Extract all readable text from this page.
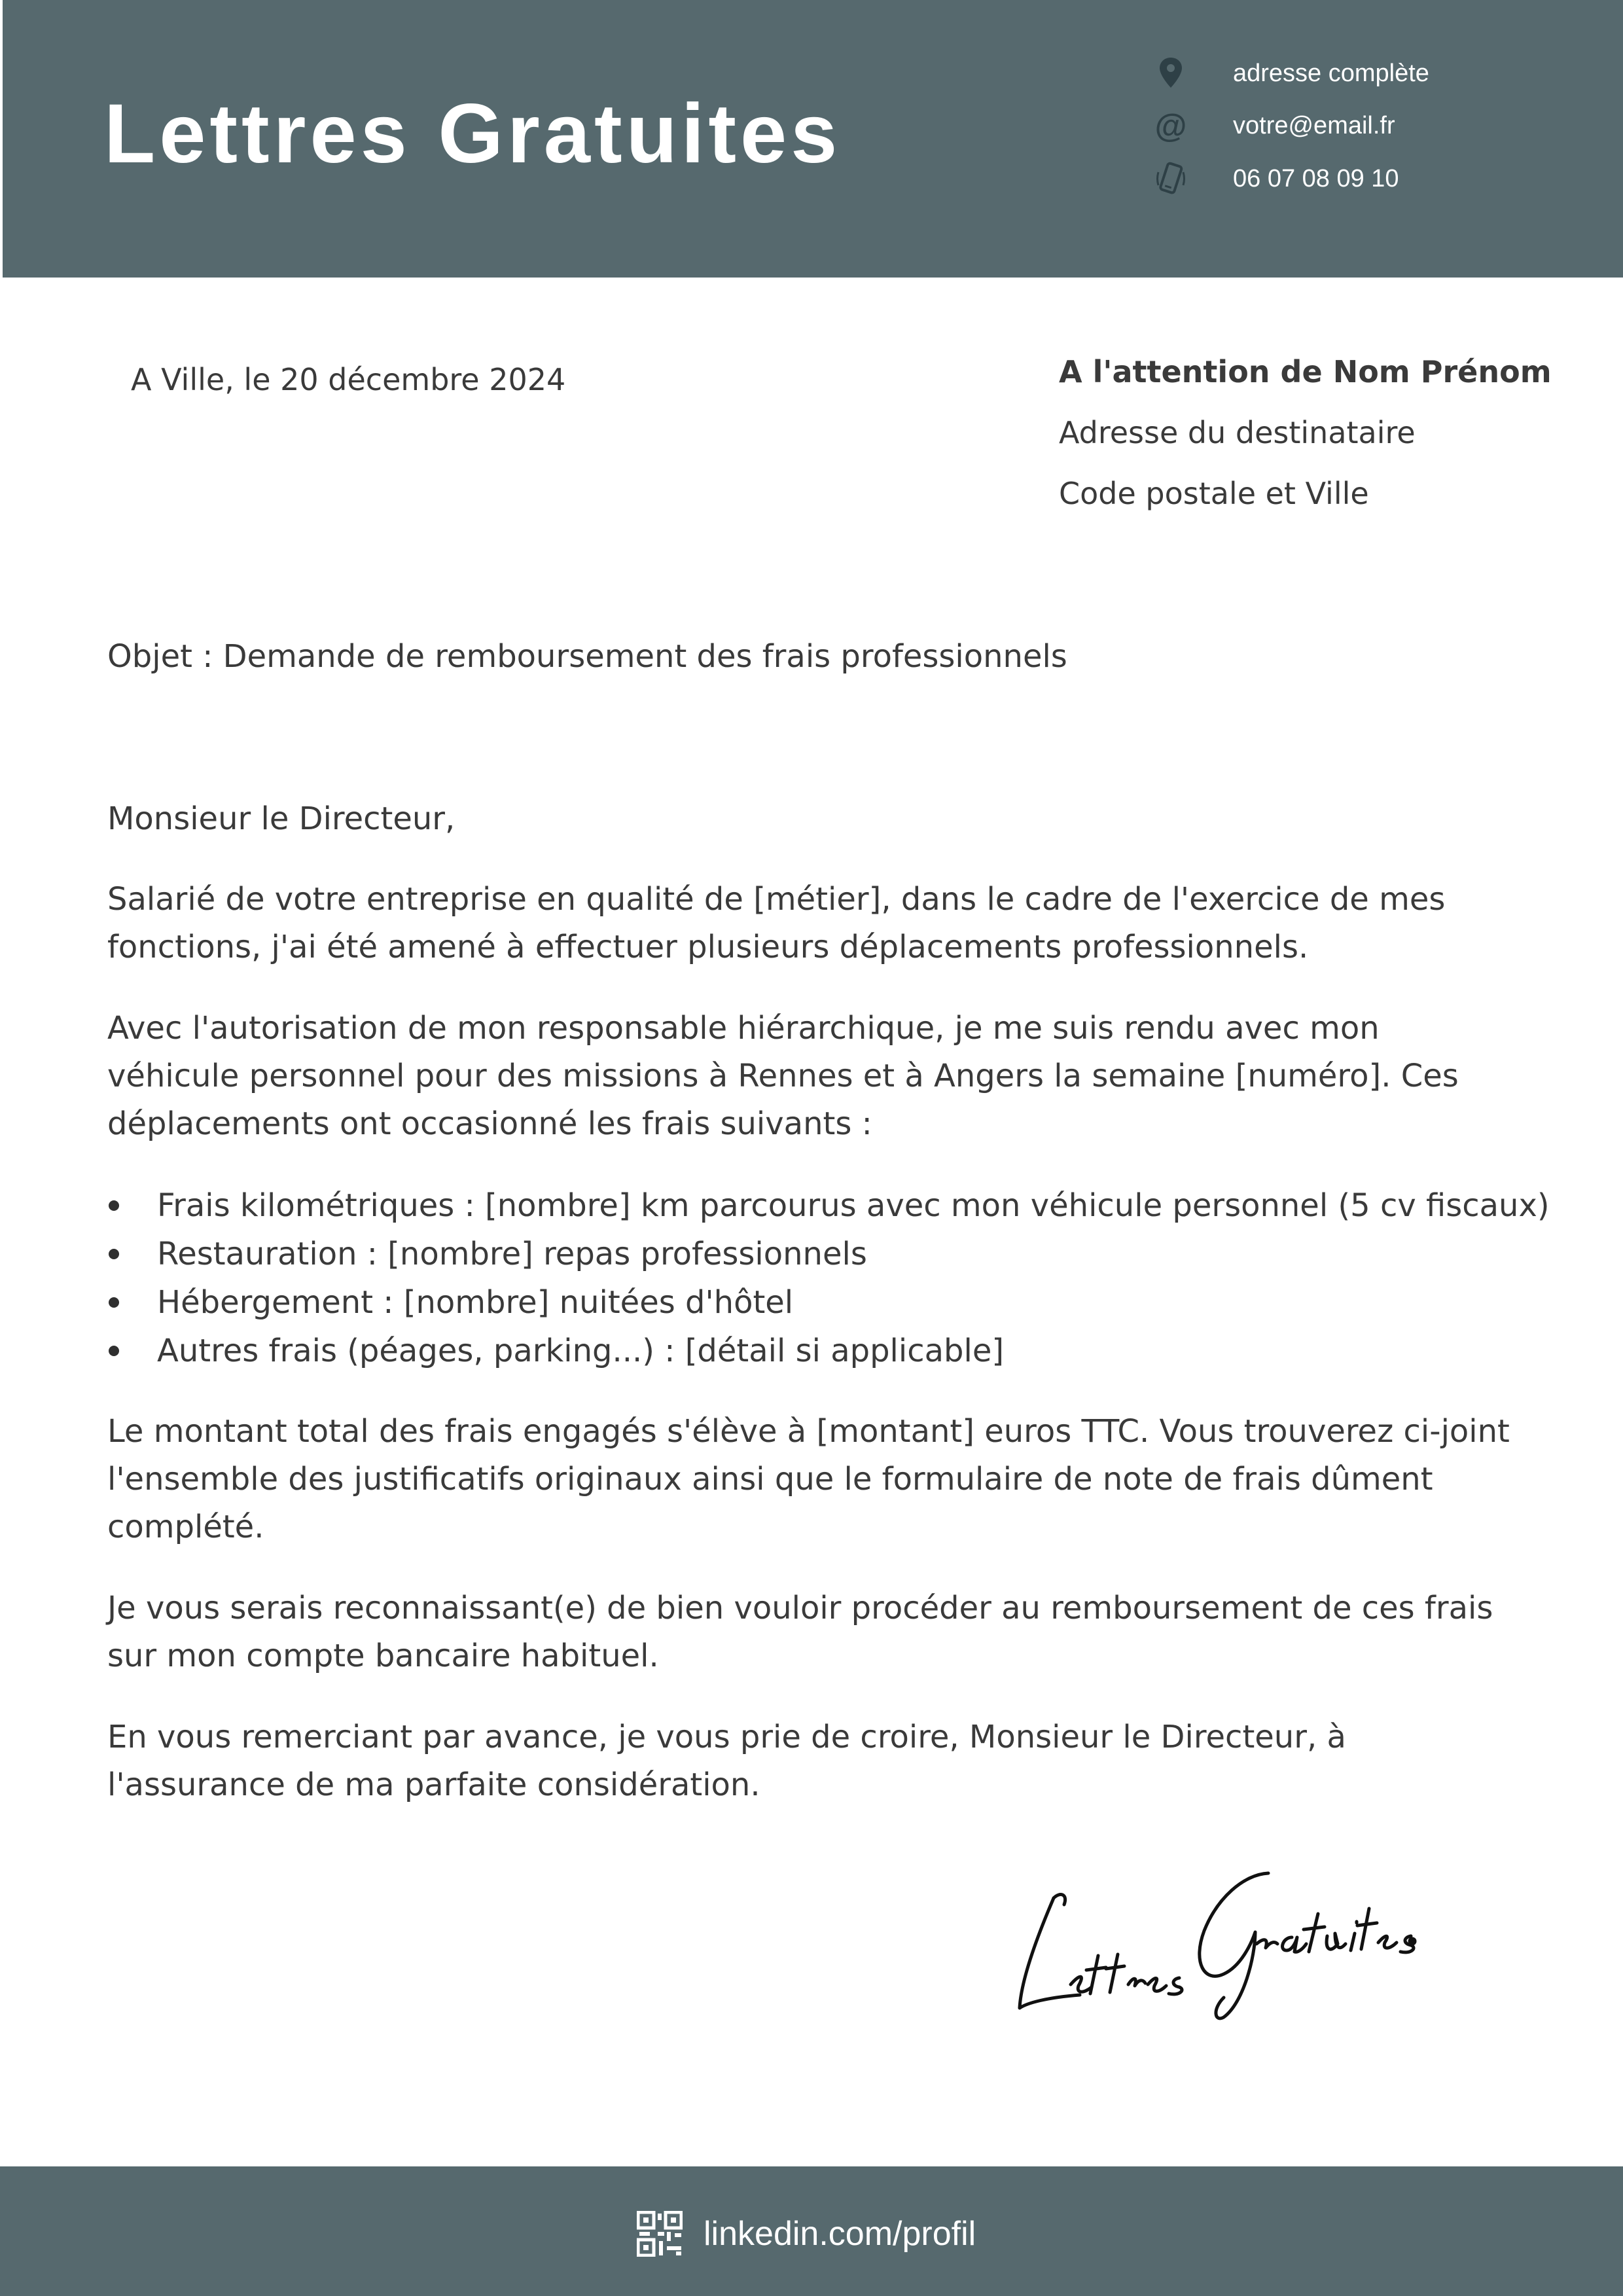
Lettres Gratuites
adresse complète
@ votre@email.fr
06 07 08 09 10
A Ville, le 20 décembre 2024	A l'attention de Nom Prénom
Adresse du destinataire
Code postale et Ville
Objet : Demande de remboursement des frais professionnels

Monsieur le Directeur,

Salarié de votre entreprise en qualité de [métier], dans le cadre de l'exercice de mes fonctions, j'ai été amené à effectuer plusieurs déplacements professionnels.

Avec l'autorisation de mon responsable hiérarchique, je me suis rendu avec mon véhicule personnel pour des missions à Rennes et à Angers la semaine [numéro]. Ces déplacements ont occasionné les frais suivants :

Frais kilométriques : [nombre] km parcourus avec mon véhicule personnel (5 cv fiscaux)
Restauration : [nombre] repas professionnels
Hébergement : [nombre] nuitées d'hôtel
Autres frais (péages, parking...) : [détail si applicable]

Le montant total des frais engagés s'élève à [montant] euros TTC. Vous trouverez ci-joint l'ensemble des justificatifs originaux ainsi que le formulaire de note de frais dûment complété.

Je vous serais reconnaissant(e) de bien vouloir procéder au remboursement de ces frais sur mon compte bancaire habituel.

En vous remerciant par avance, je vous prie de croire, Monsieur le Directeur, à l'assurance de ma parfaite considération.

linkedin.com/profil
